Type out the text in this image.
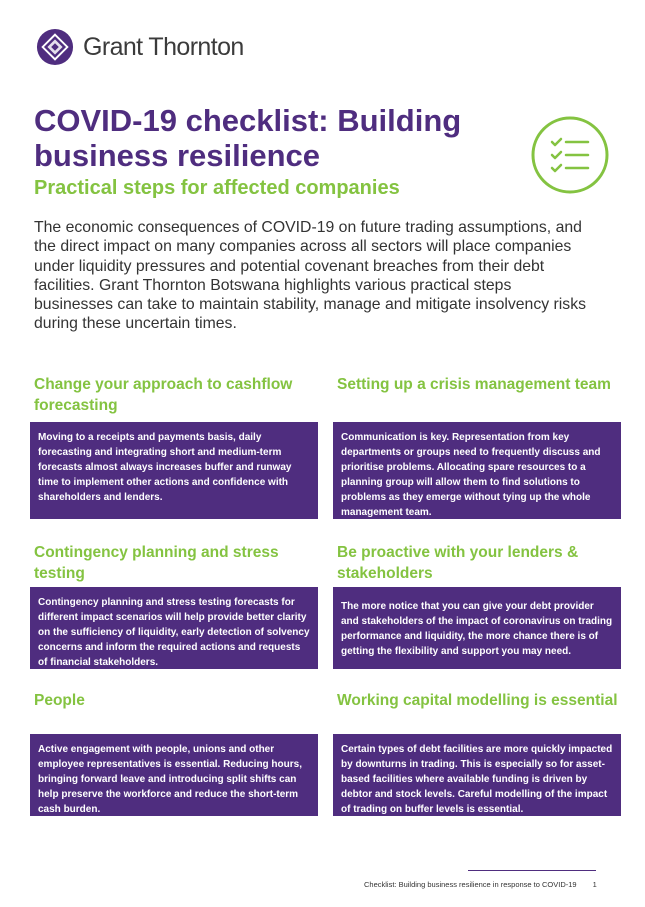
Grant Thornton
COVID-19 checklist: Building business resilience

Practical steps for affected companies

The economic consequences of COVID-19 on future trading assumptions, and the direct impact on many companies across all sectors will place companies under liquidity pressures and potential covenant breaches from their debt facilities. Grant Thornton Botswana highlights various practical steps businesses can take to maintain stability, manage and mitigate insolvency risks during these uncertain times.

Change your approach to cashflow forecasting
Moving to a receipts and payments basis, daily forecasting and integrating short and medium-term forecasts almost always increases buffer and runway time to implement other actions and confidence with shareholders and lenders.
Setting up a crisis management team
Communication is key. Representation from key departments or groups need to frequently discuss and prioritise problems. Allocating spare resources to a planning group will allow them to find solutions to problems as they emerge without tying up the whole management team.
Contingency planning and stress testing
Contingency planning and stress testing forecasts for different impact scenarios will help provide better clarity on the sufficiency of liquidity, early detection of solvency concerns and inform the required actions and requests of financial stakeholders.
Be proactive with your lenders & stakeholders
The more notice that you can give your debt provider and stakeholders of the impact of coronavirus on trading performance and liquidity, the more chance there is of getting the flexibility and support you may need.
People
Active engagement with people, unions and other employee representatives is essential. Reducing hours, bringing forward leave and introducing split shifts can help preserve the workforce and reduce the short-term cash burden.
Working capital modelling is essential
Certain types of debt facilities are more quickly impacted by downturns in trading. This is especially so for asset-based facilities where available funding is driven by debtor and stock levels. Careful modelling of the impact of trading on buffer levels is essential.
Checklist: Building business resilience in response to COVID-19 1
